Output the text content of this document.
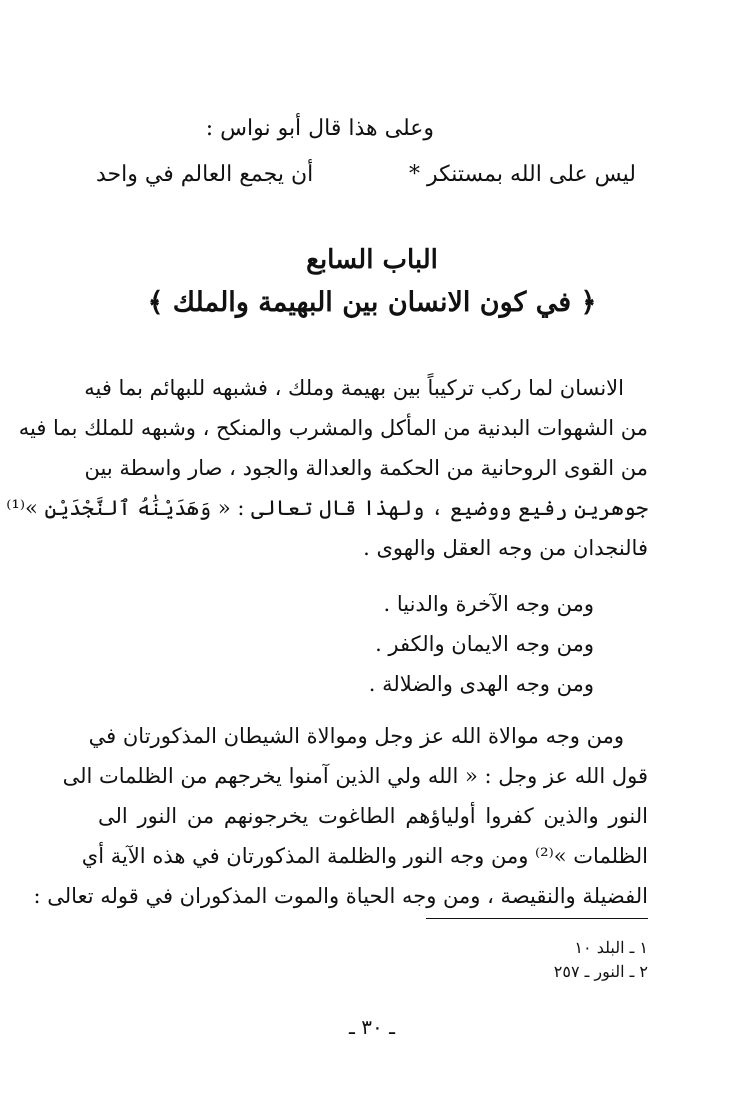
وعلى هذا قال أبو نواس :
ليس على الله بمستنكر *
أن يجمع العالم في واحد
الباب السابع
﴿ في كون الانسان بين البهيمة والملك ﴾
الانسان لما ركب تركيباً بين بهيمة وملك ، فشبهه للبهائم بما فيه
من الشهوات البدنية من المأكل والمشرب والمنكح ، وشبهه للملك بما فيه
من القوى الروحانية من الحكمة والعدالة والجود ، صار واسطة بين
جوهرين رفيع ووضيع ، ولهذا قال تعالى : « وَهَدَيْنَٰهُ ٱلنَّجْدَيْنِ »⁽¹⁾
فالنجدان من وجه العقل والهوى .
ومن وجه الآخرة والدنيا .
ومن وجه الايمان والكفر .
ومن وجه الهدى والضلالة .
ومن وجه موالاة الله عز وجل وموالاة الشيطان المذكورتان في
قول الله عز وجل : « الله ولي الذين آمنوا يخرجهم من الظلمات الى
النور والذين كفروا أولياؤهم الطاغوت يخرجونهم من النور الى
الظلمات »⁽²⁾ ومن وجه النور والظلمة المذكورتان في هذه الآية أي
الفضيلة والنقيصة ، ومن وجه الحياة والموت المذكوران في قوله تعالى :
١ ـ البلد ١٠
٢ ـ النور ـ ٢٥٧
ـ ٣٠ ـ
